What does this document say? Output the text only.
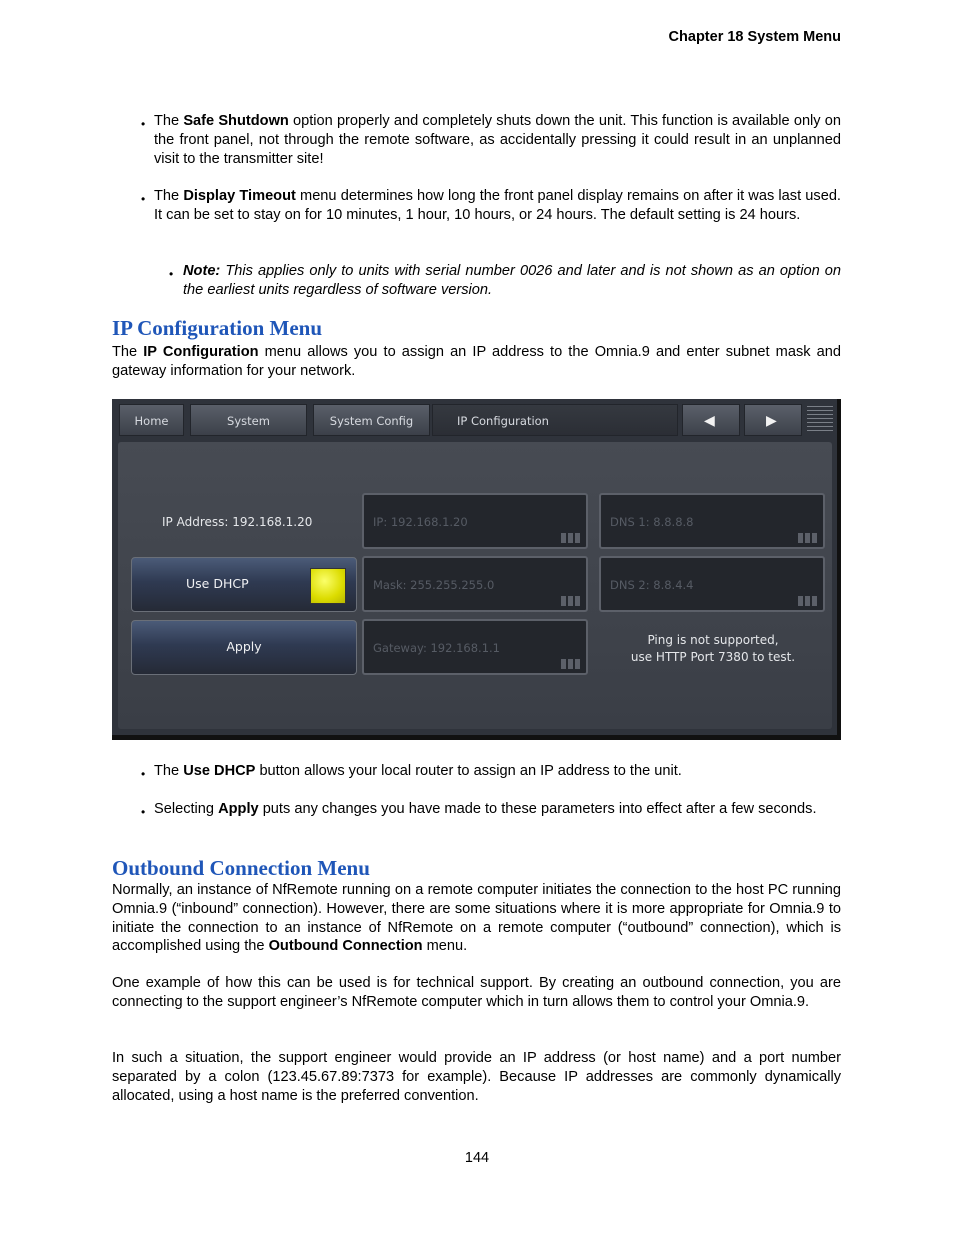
Chapter 18 System Menu
• The Safe Shutdown option properly and completely shuts down the unit. This function is available only on the front panel, not through the remote software, as accidentally pressing it could result in an unplanned visit to the transmitter site!
• The Display Timeout menu determines how long the front panel display remains on after it was last used. It can be set to stay on for 10 minutes, 1 hour, 10 hours, or 24 hours. The default setting is 24 hours.
• Note: This applies only to units with serial number 0026 and later and is not shown as an option on the earliest units regardless of software version.
IP Configuration Menu
The IP Configuration menu allows you to assign an IP address to the Omnia.9 and enter subnet mask and gateway information for your network.
Home	System	System Config	IP Configuration	◀	▶
IP Address: 192.168.1.20	IP: 192.168.1.20	DNS 1: 8.8.8.8
Use DHCP	Mask: 255.255.255.0	DNS 2: 8.8.4.4
Apply	Gateway: 192.168.1.1
Ping is not supported,
use HTTP Port 7380 to test.
• The Use DHCP button allows your local router to assign an IP address to the unit.
• Selecting Apply puts any changes you have made to these parameters into effect after a few seconds.
Outbound Connection Menu
Normally, an instance of NfRemote running on a remote computer initiates the connection to the host PC running Omnia.9 (“inbound” connection). However, there are some situations where it is more appropriate for Omnia.9 to initiate the connection to an instance of NfRemote on a remote computer (“outbound” connection), which is accomplished using the Outbound Connection menu.
One example of how this can be used is for technical support. By creating an outbound connection, you are connecting to the support engineer’s NfRemote computer which in turn allows them to control your Omnia.9.
In such a situation, the support engineer would provide an IP address (or host name) and a port number separated by a colon (123.45.67.89:7373 for example). Because IP addresses are commonly dynamically allocated, using a host name is the preferred convention.
144
